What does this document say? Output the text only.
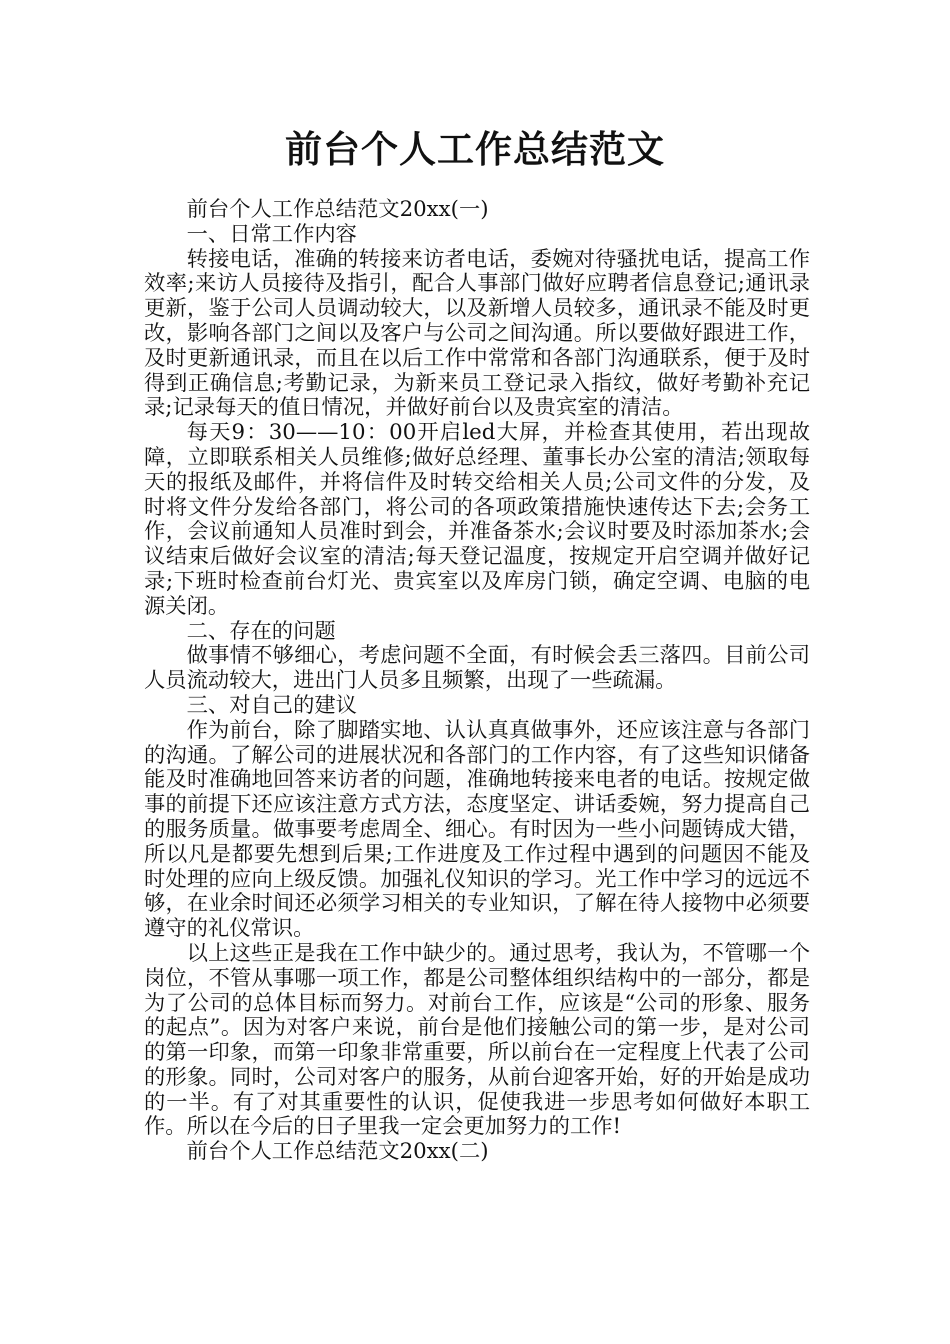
前台个人工作总结范文

前台个人工作总结范文20xx(一)

一、日常工作内容

转接电话，准确的转接来访者电话，委婉对待骚扰电话，提高工作效率;来访人员接待及指引，配合人事部门做好应聘者信息登记;通讯录更新，鉴于公司人员调动较大，以及新增人员较多，通讯录不能及时更改，影响各部门之间以及客户与公司之间沟通。所以要做好跟进工作，及时更新通讯录，而且在以后工作中常常和各部门沟通联系，便于及时得到正确信息;考勤记录，为新来员工登记录入指纹，做好考勤补充记录;记录每天的值日情况，并做好前台以及贵宾室的清洁。

每天9：30——10：00开启led大屏，并检查其使用，若出现故障，立即联系相关人员维修;做好总经理、董事长办公室的清洁;领取每天的报纸及邮件，并将信件及时转交给相关人员;公司文件的分发，及时将文件分发给各部门，将公司的各项政策措施快速传达下去;会务工作，会议前通知人员准时到会，并准备茶水;会议时要及时添加茶水;会议结束后做好会议室的清洁;每天登记温度，按规定开启空调并做好记录;下班时检查前台灯光、贵宾室以及库房门锁，确定空调、电脑的电源关闭。

二、存在的问题

做事情不够细心，考虑问题不全面，有时候会丢三落四。目前公司人员流动较大，进出门人员多且频繁，出现了一些疏漏。

三、对自己的建议

作为前台，除了脚踏实地、认认真真做事外，还应该注意与各部门的沟通。了解公司的进展状况和各部门的工作内容，有了这些知识储备能及时准确地回答来访者的问题，准确地转接来电者的电话。按规定做事的前提下还应该注意方式方法，态度坚定、讲话委婉，努力提高自己的服务质量。做事要考虑周全、细心。有时因为一些小问题铸成大错，所以凡是都要先想到后果;工作进度及工作过程中遇到的问题因不能及时处理的应向上级反馈。加强礼仪知识的学习。光工作中学习的远远不够，在业余时间还必须学习相关的专业知识，了解在待人接物中必须要遵守的礼仪常识。

以上这些正是我在工作中缺少的。通过思考，我认为，不管哪一个岗位，不管从事哪一项工作，都是公司整体组织结构中的一部分，都是为了公司的总体目标而努力。对前台工作，应该是“公司的形象、服务的起点”。因为对客户来说，前台是他们接触公司的第一步，是对公司的第一印象，而第一印象非常重要，所以前台在一定程度上代表了公司的形象。同时，公司对客户的服务，从前台迎客开始，好的开始是成功的一半。有了对其重要性的认识，促使我进一步思考如何做好本职工作。所以在今后的日子里我一定会更加努力的工作!

前台个人工作总结范文20xx(二)
